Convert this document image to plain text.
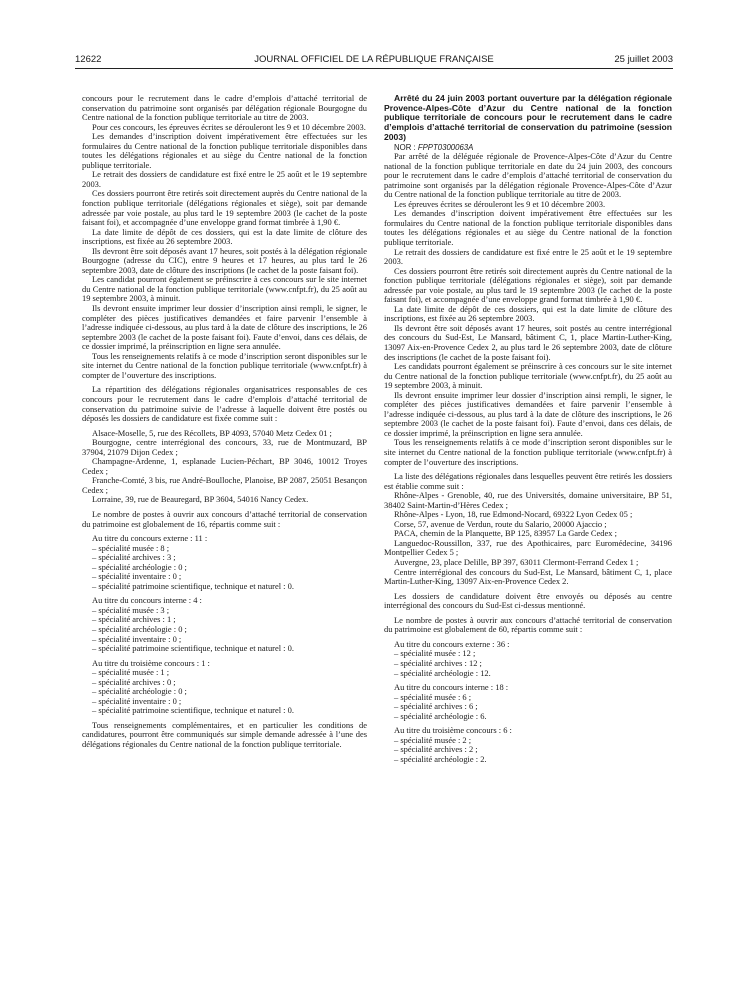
12622	JOURNAL OFFICIEL DE LA RÉPUBLIQUE FRANÇAISE	25 juillet 2003

concours pour le recrutement dans le cadre d’emplois d’attaché territorial de conservation du patrimoine sont organisés par délégation régionale Bourgogne du Centre national de la fonction publique territoriale au titre de 2003.

Pour ces concours, les épreuves écrites se dérouleront les 9 et 10 décembre 2003.

Les demandes d’inscription doivent impérativement être effectuées sur les formulaires du Centre national de la fonction publique territoriale disponibles dans toutes les délégations régionales et au siège du Centre national de la fonction publique territoriale.

Le retrait des dossiers de candidature est fixé entre le 25 août et le 19 septembre 2003.

Ces dossiers pourront être retirés soit directement auprès du Centre national de la fonction publique territoriale (délégations régionales et siège), soit par demande adressée par voie postale, au plus tard le 19 septembre 2003 (le cachet de la poste faisant foi), et accompagnée d’une enveloppe grand format timbrée à 1,90 €.

La date limite de dépôt de ces dossiers, qui est la date limite de clôture des inscriptions, est fixée au 26 septembre 2003.

Ils devront être soit déposés avant 17 heures, soit postés à la délégation régionale Bourgogne (adresse du CIC), entre 9 heures et 17 heures, au plus tard le 26 septembre 2003, date de clôture des inscriptions (le cachet de la poste faisant foi).

Les candidat pourront également se préinscrire à ces concours sur le site internet du Centre national de la fonction publique territoriale (www.cnfpt.fr), du 25 août au 19 septembre 2003, à minuit.

Ils devront ensuite imprimer leur dossier d’inscription ainsi rempli, le signer, le compléter des pièces justificatives demandées et faire parvenir l’ensemble à l’adresse indiquée ci-dessous, au plus tard à la date de clôture des inscriptions, le 26 septembre 2003 (le cachet de la poste faisant foi). Faute d’envoi, dans ces délais, de ce dossier imprimé, la préinscription en ligne sera annulée.

Tous les renseignements relatifs à ce mode d’inscription seront disponibles sur le site internet du Centre national de la fonction publique territoriale (www.cnfpt.fr) à compter de l’ouverture des inscriptions.

La répartition des délégations régionales organisatrices responsables de ces concours pour le recrutement dans le cadre d’emplois d’attaché territorial de conservation du patrimoine suivie de l’adresse à laquelle doivent être postés ou déposés les dossiers de candidature est fixée comme suit :

Alsace-Moselle, 5, rue des Récollets, BP 4093, 57040 Metz Cedex 01 ;

Bourgogne, centre interrégional des concours, 33, rue de Montmuzard, BP 37904, 21079 Dijon Cedex ;

Champagne-Ardenne, 1, esplanade Lucien-Péchart, BP 3046, 10012 Troyes Cedex ;

Franche-Comté, 3 bis, rue André-Boulloche, Planoise, BP 2087, 25051 Besançon Cedex ;

Lorraine, 39, rue de Beauregard, BP 3604, 54016 Nancy Cedex.

Le nombre de postes à ouvrir aux concours d’attaché territorial de conservation du patrimoine est globalement de 16, répartis comme suit :

Au titre du concours externe : 11 :

– spécialité musée : 8 ;

– spécialité archives : 3 ;

– spécialité archéologie : 0 ;

– spécialité inventaire : 0 ;

– spécialité patrimoine scientifique, technique et naturel : 0.

Au titre du concours interne : 4 :

– spécialité musée : 3 ;

– spécialité archives : 1 ;

– spécialité archéologie : 0 ;

– spécialité inventaire : 0 ;

– spécialité patrimoine scientifique, technique et naturel : 0.

Au titre du troisième concours : 1 :

– spécialité musée : 1 ;

– spécialité archives : 0 ;

– spécialité archéologie : 0 ;

– spécialité inventaire : 0 ;

– spécialité patrimoine scientifique, technique et naturel : 0.

Tous renseignements complémentaires, et en particulier les conditions de candidatures, pourront être communiqués sur simple demande adressée à l’une des délégations régionales du Centre national de la fonction publique territoriale.

Arrêté du 24 juin 2003 portant ouverture par la délégation régionale Provence-Alpes-Côte d’Azur du Centre national de la fonction publique territoriale de concours pour le recrutement dans le cadre d’emplois d’attaché territorial de conservation du patrimoine (session 2003)

NOR : FPPT0300063A

Par arrêté de la déléguée régionale de Provence-Alpes-Côte d’Azur du Centre national de la fonction publique territoriale en date du 24 juin 2003, des concours pour le recrutement dans le cadre d’emplois d’attaché territorial de conservation du patrimoine sont organisés par la délégation régionale Provence-Alpes-Côte d’Azur du Centre national de la fonction publique territoriale au titre de 2003.

Les épreuves écrites se dérouleront les 9 et 10 décembre 2003.

Les demandes d’inscription doivent impérativement être effectuées sur les formulaires du Centre national de la fonction publique territoriale disponibles dans toutes les délégations régionales et au siège du Centre national de la fonction publique territoriale.

Le retrait des dossiers de candidature est fixé entre le 25 août et le 19 septembre 2003.

Ces dossiers pourront être retirés soit directement auprès du Centre national de la fonction publique territoriale (délégations régionales et siège), soit par demande adressée par voie postale, au plus tard le 19 septembre 2003 (le cachet de la poste faisant foi), et accompagnée d’une enveloppe grand format timbrée à 1,90 €.

La date limite de dépôt de ces dossiers, qui est la date limite de clôture des inscriptions, est fixée au 26 septembre 2003.

Ils devront être soit déposés avant 17 heures, soit postés au centre interrégional des concours du Sud-Est, Le Mansard, bâtiment C, 1, place Martin-Luther-King, 13097 Aix-en-Provence Cedex 2, au plus tard le 26 septembre 2003, date de clôture des inscriptions (le cachet de la poste faisant foi).

Les candidats pourront également se préinscrire à ces concours sur le site internet du Centre national de la fonction publique territoriale (www.cnfpt.fr), du 25 août au 19 septembre 2003, à minuit.

Ils devront ensuite imprimer leur dossier d’inscription ainsi rempli, le signer, le compléter des pièces justificatives demandées et faire parvenir l’ensemble à l’adresse indiquée ci-dessous, au plus tard à la date de clôture des inscriptions, le 26 septembre 2003 (le cachet de la poste faisant foi). Faute d’envoi, dans ces délais, de ce dossier imprimé, la préinscription en ligne sera annulée.

Tous les renseignements relatifs à ce mode d’inscription seront disponibles sur le site internet du Centre national de la fonction publique territoriale (www.cnfpt.fr) à compter de l’ouverture des inscriptions.

La liste des délégations régionales dans lesquelles peuvent être retirés les dossiers est établie comme suit :

Rhône-Alpes - Grenoble, 40, rue des Universités, domaine universitaire, BP 51, 38402 Saint-Martin-d’Hères Cedex ;

Rhône-Alpes - Lyon, 18, rue Edmond-Nocard, 69322 Lyon Cedex 05 ;

Corse, 57, avenue de Verdun, route du Salario, 20000 Ajaccio ;

PACA, chemin de la Planquette, BP 125, 83957 La Garde Cedex ;

Languedoc-Roussillon, 337, rue des Apothicaires, parc Euromédecine, 34196 Montpellier Cedex 5 ;

Auvergne, 23, place Delille, BP 397, 63011 Clermont-Ferrand Cedex 1 ;

Centre interrégional des concours du Sud-Est, Le Mansard, bâtiment C, 1, place Martin-Luther-King, 13097 Aix-en-Provence Cedex 2.

Les dossiers de candidature doivent être envoyés ou déposés au centre interrégional des concours du Sud-Est ci-dessus mentionné.

Le nombre de postes à ouvrir aux concours d’attaché territorial de conservation du patrimoine est globalement de 60, répartis comme suit :

Au titre du concours externe : 36 :

– spécialité musée : 12 ;

– spécialité archives : 12 ;

– spécialité archéologie : 12.

Au titre du concours interne : 18 :

– spécialité musée : 6 ;

– spécialité archives : 6 ;

– spécialité archéologie : 6.

Au titre du troisième concours : 6 :

– spécialité musée : 2 ;

– spécialité archives : 2 ;

– spécialité archéologie : 2.
